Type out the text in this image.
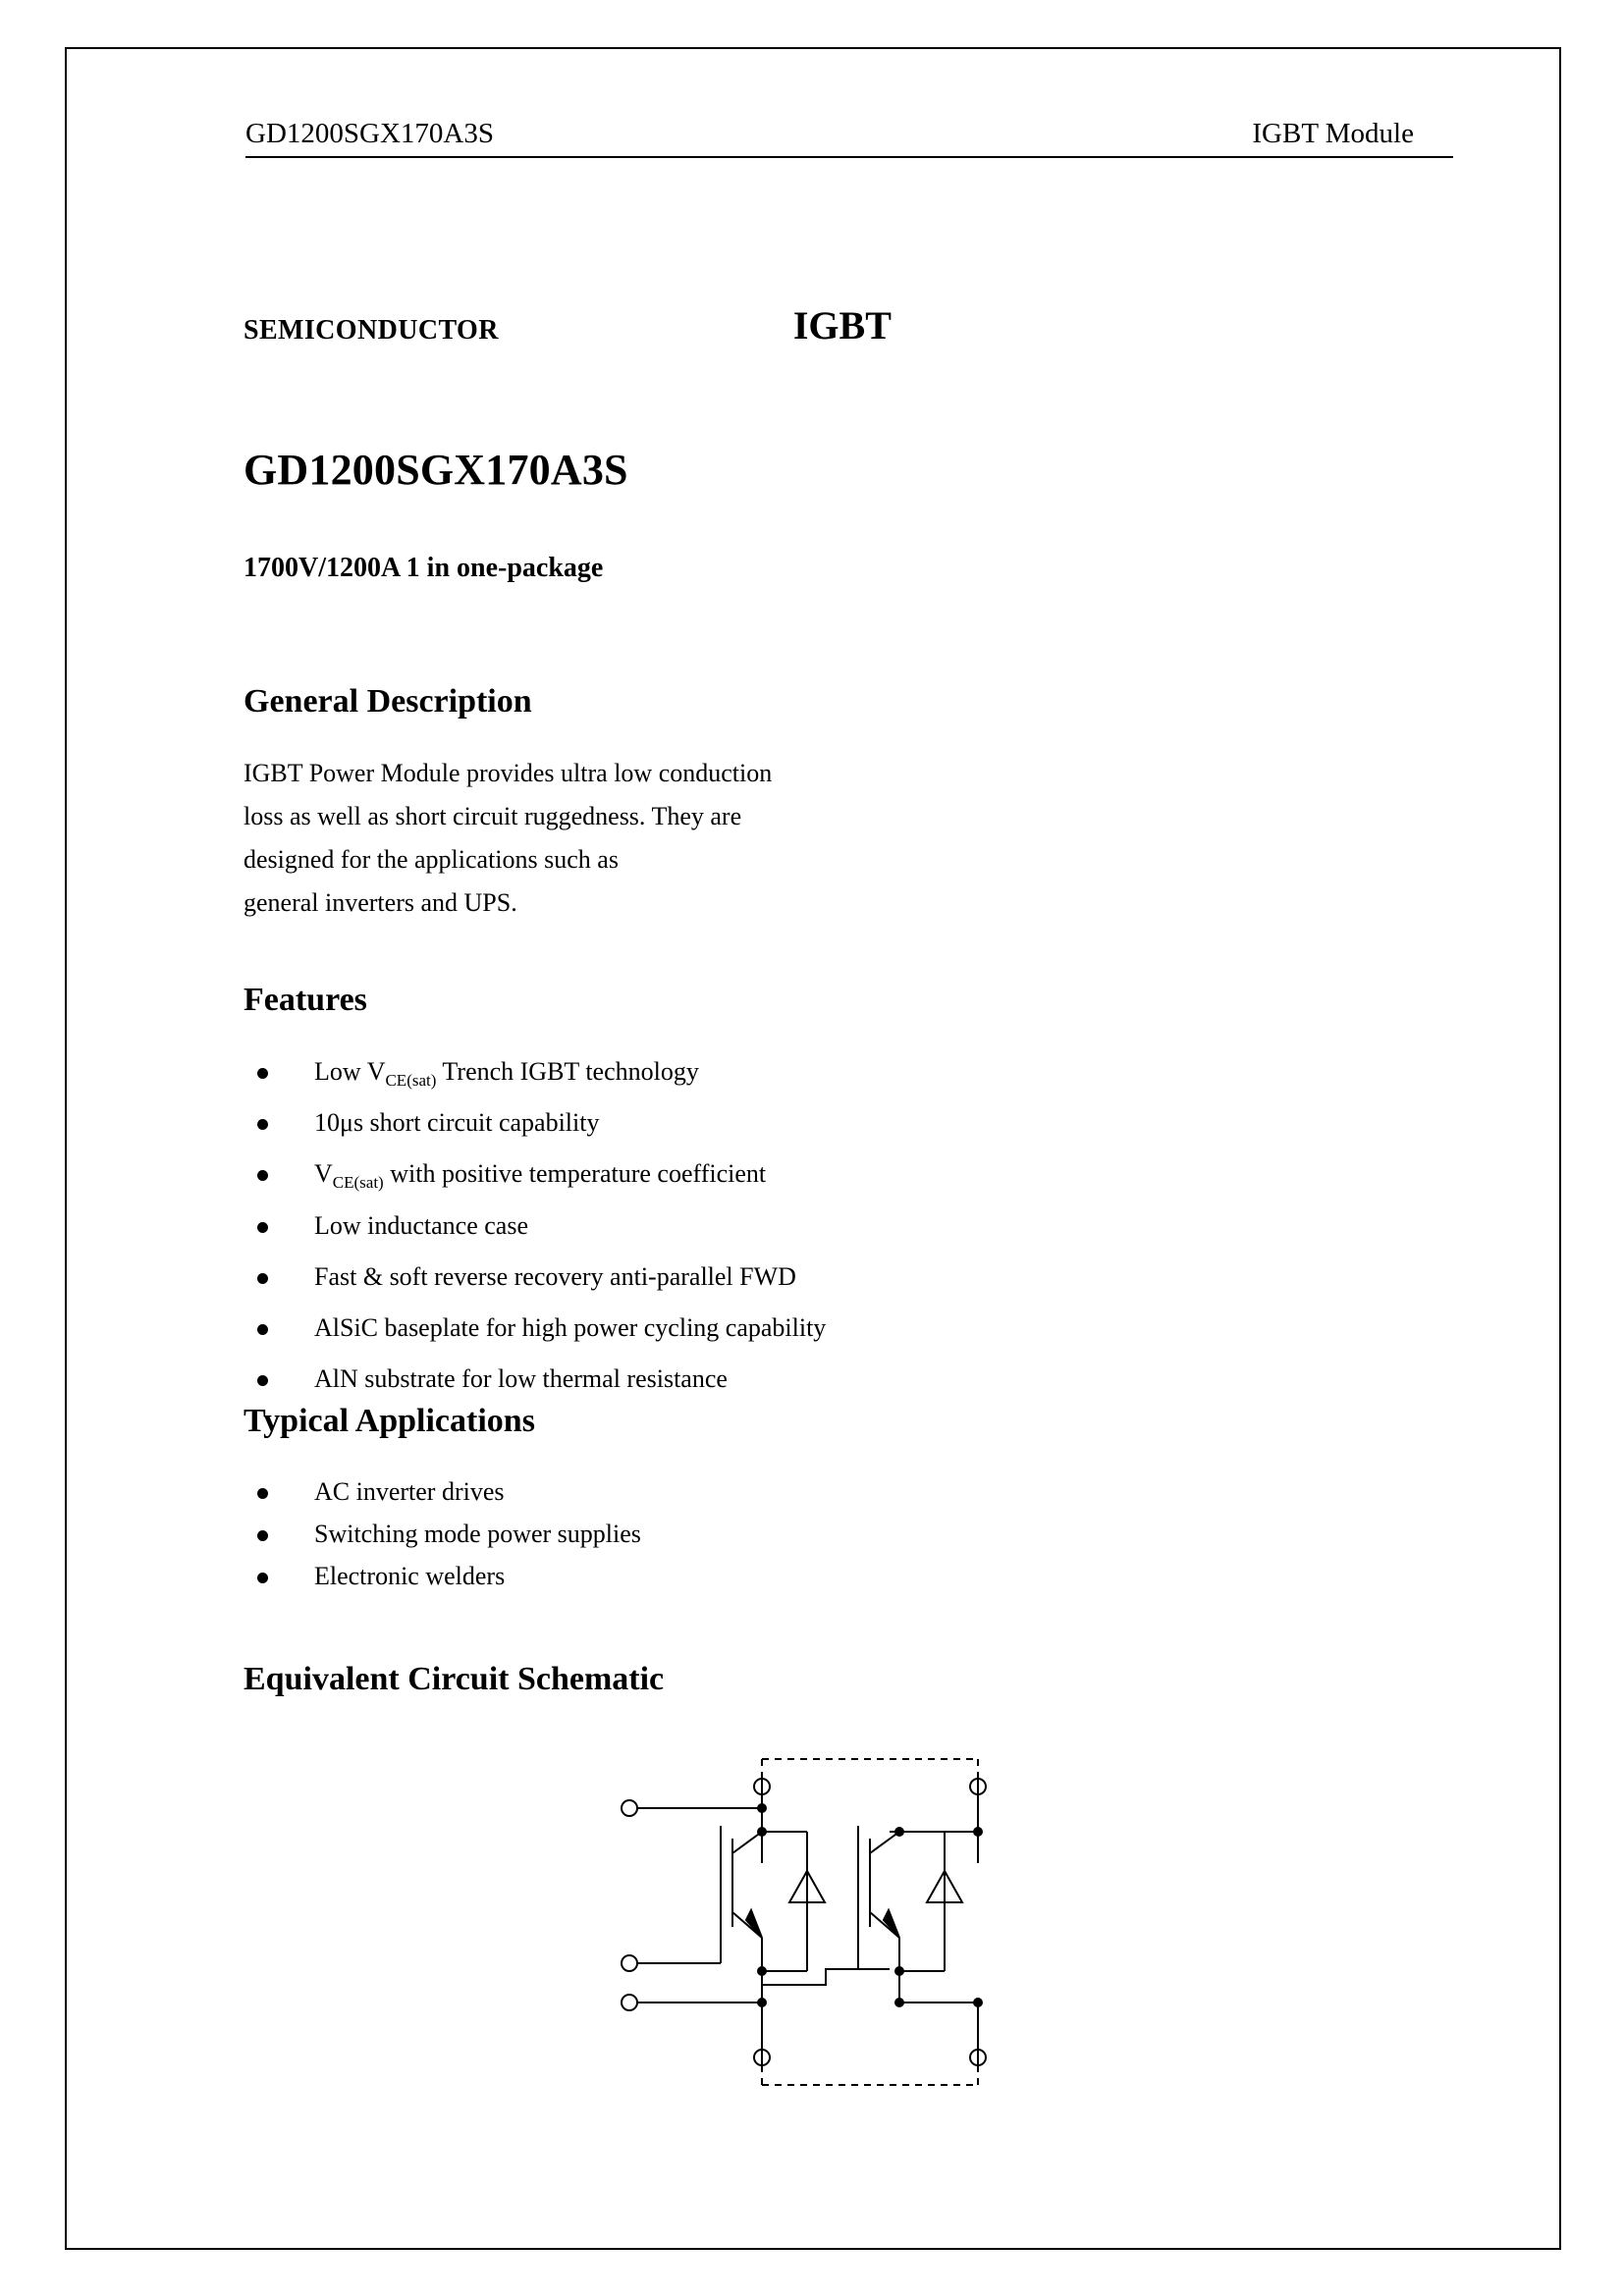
GD1200SGX170A3S	IGBT Module
SEMICONDUCTOR	IGBT
GD1200SGX170A3S
1700V/1200A 1 in one-package
General Description
IGBT Power Module provides ultra low conduction
loss as well as short circuit ruggedness. They are
designed for the applications such as
general inverters and UPS.
Features
Low $V_{CE(sat)}$ Trench IGBT technology
10μs short circuit capability
$V_{CE(sat)}$ with positive temperature coefficient
Low inductance case
Fast & soft reverse recovery anti-parallel FWD
AlSiC baseplate for high power cycling capability
AlN substrate for low thermal resistance
Typical Applications
AC inverter drives
Switching mode power supplies
Electronic welders
Equivalent Circuit Schematic
